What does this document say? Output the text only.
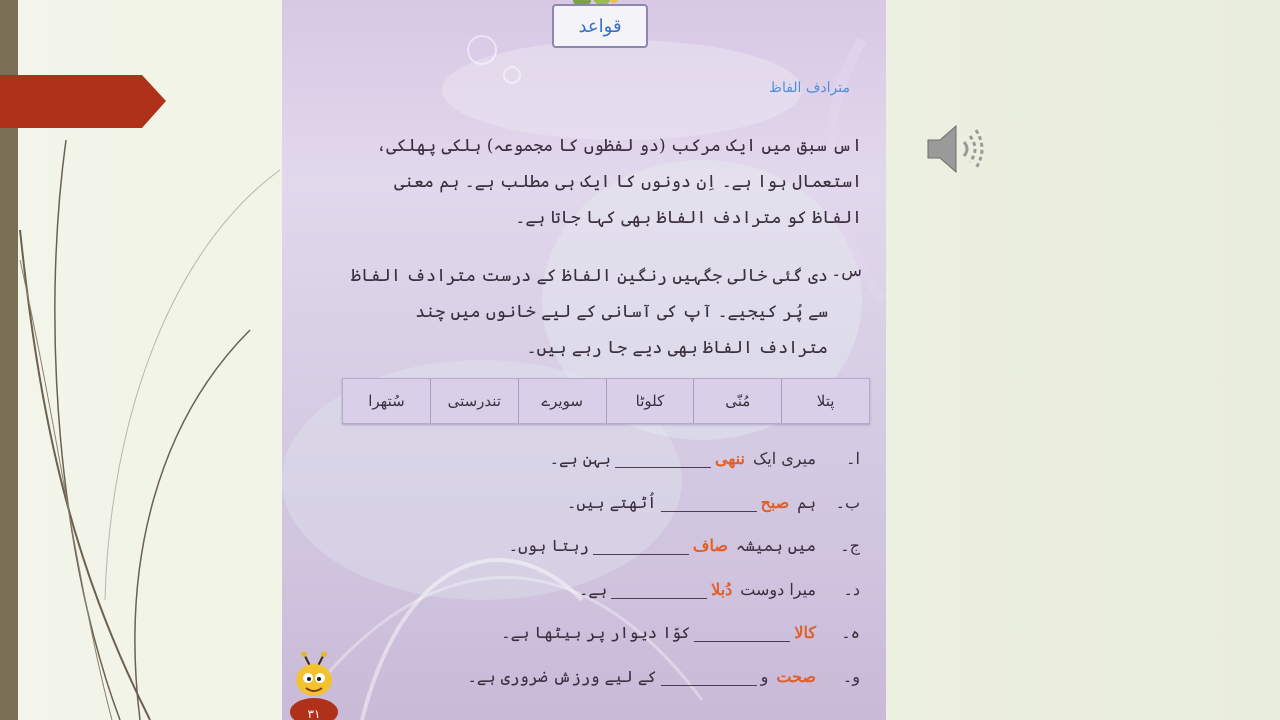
قواعد
مترادف الفاظ
اس سبق میں ایک مرکب (دو لفظوں کا مجموعہ) ہلکی پھلکی، استعمال ہوا ہے۔ اِن دونوں کا ایک ہی مطلب ہے۔ ہم معنی الفاظ کو مترادف الفاظ بھی کہا جاتا ہے۔
س۔
دی گئی خالی جگہیں رنگین الفاظ کے درست مترادف الفاظ سے پُر کیجیے۔ آپ کی آسانی کے لیے خانوں میں چند مترادف الفاظ بھی دیے جا رہے ہیں۔
پتلا
مُنّی
کلوٹا
سویرے
تندرستی
سُتھرا
ا۔
میری ایک
ننھی
بہن ہے۔
ب۔
ہم
صبح
اُٹھتے ہیں۔
ج۔
میں ہمیشہ
صاف
رہتا ہوں۔
د۔
میرا دوست
دُبلا
ہے۔
ہ۔
کالا
کوّا دیوار پر بیٹھا ہے۔
و۔
صحت
و
کے لیے ورزش ضروری ہے۔
۳۱
